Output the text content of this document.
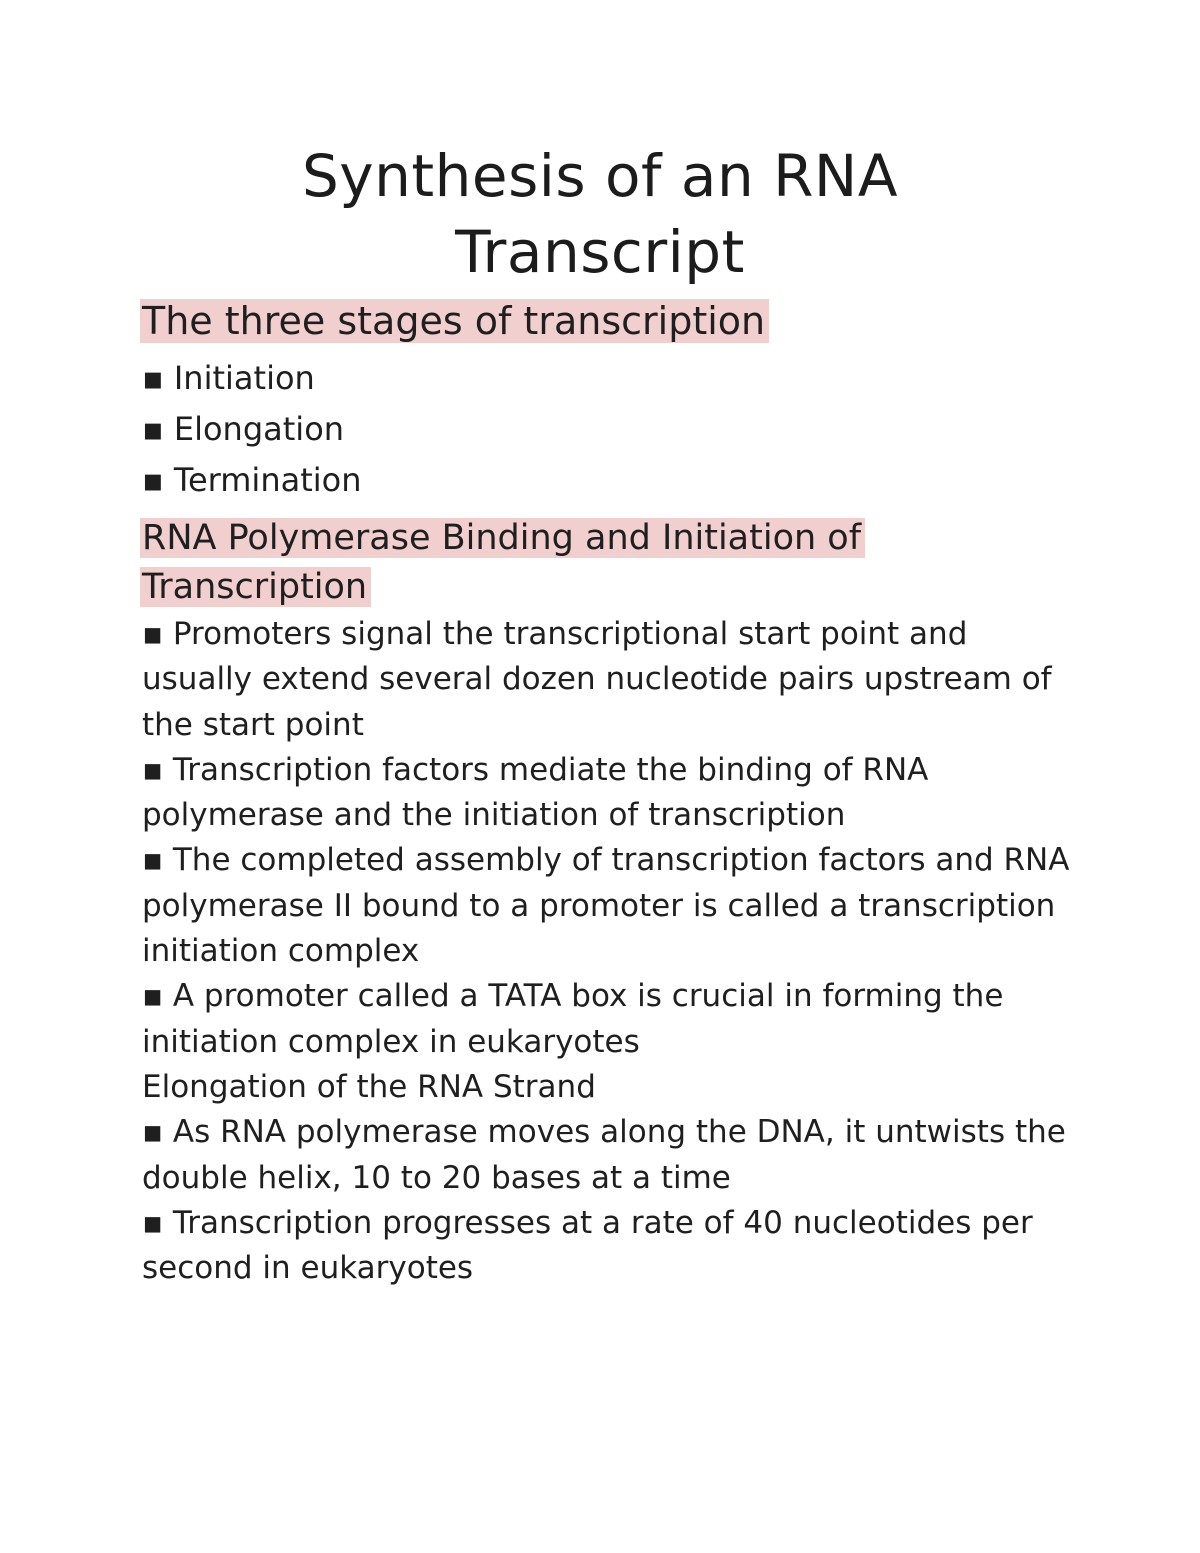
Synthesis of an RNA
Transcript
The three stages of transcription

▪ Initiation

▪ Elongation

▪ Termination

RNA Polymerase Binding and Initiation of Transcription

▪ Promoters signal the transcriptional start point and usually extend several dozen nucleotide pairs upstream of the start point

▪ Transcription factors mediate the binding of RNA polymerase and the initiation of transcription

▪ The completed assembly of transcription factors and RNA polymerase II bound to a promoter is called a transcription initiation complex

▪ A promoter called a TATA box is crucial in forming the initiation complex in eukaryotes

Elongation of the RNA Strand

▪ As RNA polymerase moves along the DNA, it untwists the double helix, 10 to 20 bases at a time

▪ Transcription progresses at a rate of 40 nucleotides per second in eukaryotes
